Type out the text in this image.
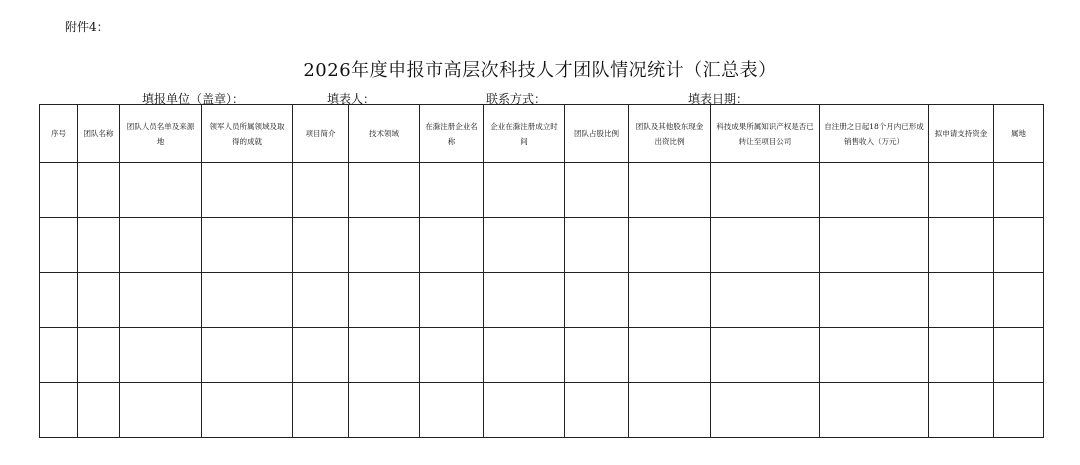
附件4：
2026年度申报市高层次科技人才团队情况统计（汇总表）
填报单位（盖章）：	填表人：	联系方式：	填表日期：
序号	团队名称	团队人员名单及来源地	领军人员所属领域及取得的成就	项目简介	技术领域	在滁注册企业名称	企业在滁注册成立时间	团队占股比例	团队及其他股东现金出资比例	科技成果所属知识产权是否已转让至项目公司	自注册之日起18个月内已形成销售收入（万元）	拟申请支持资金	属地
